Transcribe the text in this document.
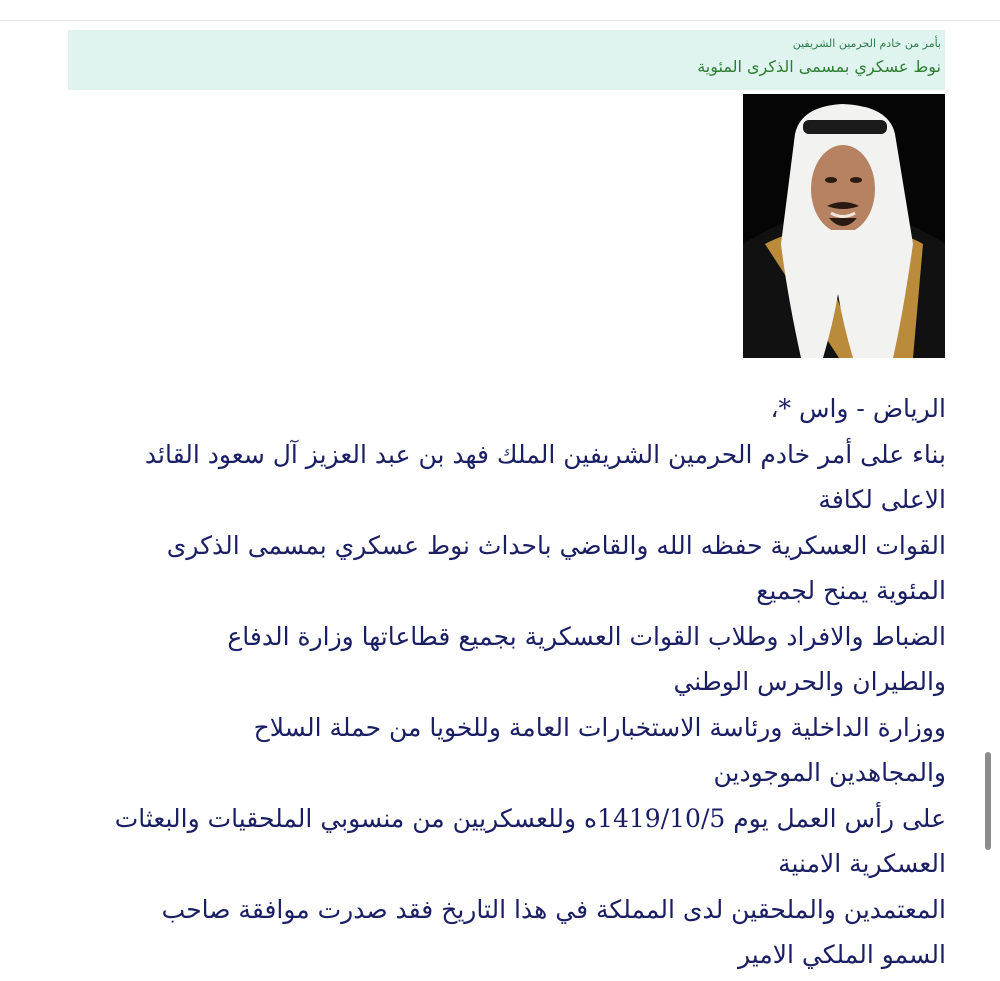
بأمر من خادم الحرمين الشريفين
نوط عسكري بمسمى الذكرى المئوية
الرياض - واس *،
بناء على أمر خادم الحرمين الشريفين الملك فهد بن عبد العزيز آل سعود القائد
الاعلى لكافة
القوات العسكرية حفظه الله والقاضي باحداث نوط عسكري بمسمى الذكرى
المئوية يمنح لجميع
الضباط والافراد وطلاب القوات العسكرية بجميع قطاعاتها وزارة الدفاع
والطيران والحرس الوطني
ووزارة الداخلية ورئاسة الاستخبارات العامة وللخويا من حملة السلاح
والمجاهدين الموجودين
على رأس العمل يوم 1419/10/5ه وللعسكريين من منسوبي الملحقيات والبعثات
العسكرية الامنية
المعتمدين والملحقين لدى المملكة في هذا التاريخ فقد صدرت موافقة صاحب
السمو الملكي الامير
